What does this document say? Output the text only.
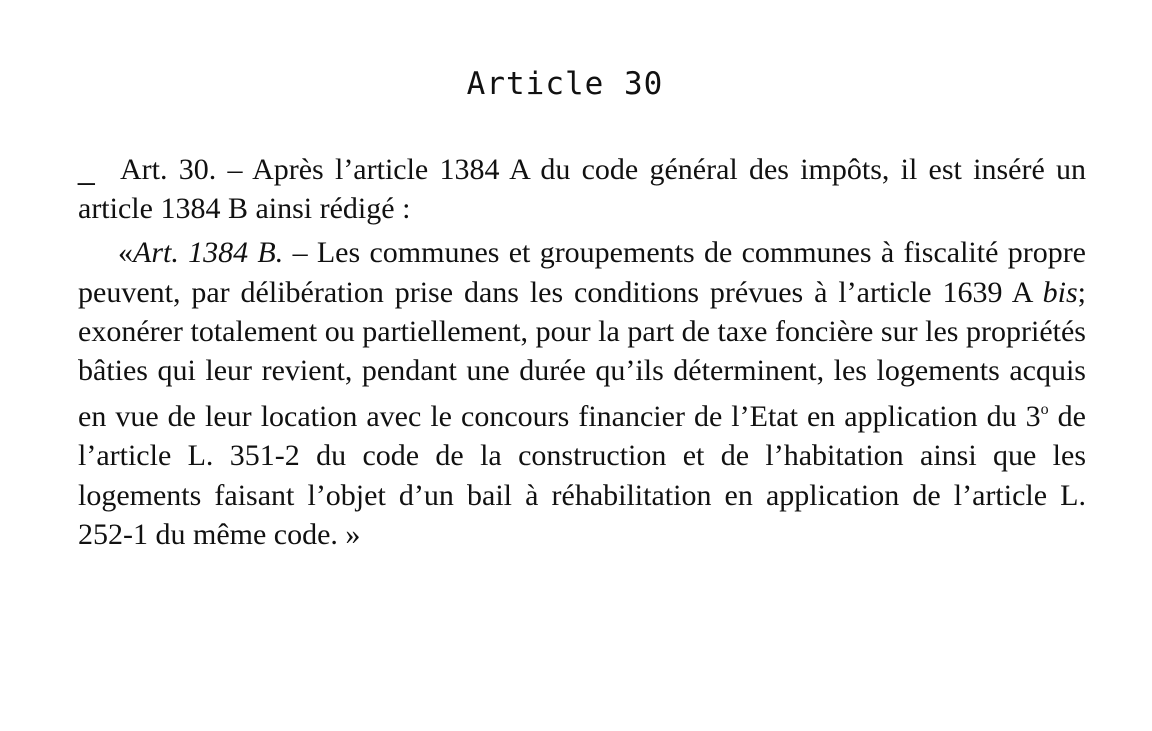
Article 30

_ Art. 30. – Après l’article 1384 A du code général des impôts, il est inséré un article 1384 B ainsi rédigé :

«Art. 1384 B. – Les communes et groupements de communes à fiscalité propre peuvent, par délibération prise dans les conditions prévues à l’article 1639 A bis; exonérer totalement ou partiellement, pour la part de taxe foncière sur les propriétés bâties qui leur revient, pendant une durée qu’ils déterminent, les logements acquis en vue de leur location avec le concours financier de l’Etat en application du 3$^o$ de l’article L. 351-2 du code de la construction et de l’habitation ainsi que les logements faisant l’objet d’un bail à réhabilitation en application de l’article L. 252-1 du même code. »
